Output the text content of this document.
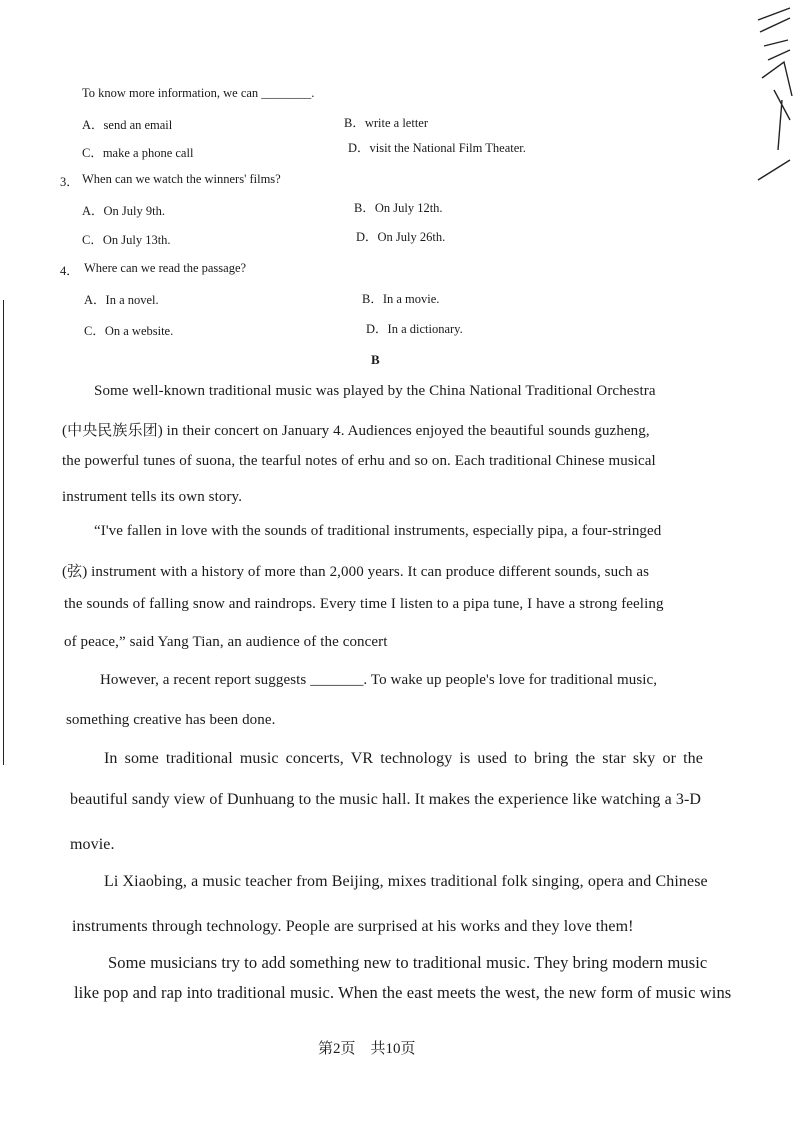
To know more information, we can ________.
A．send an email	B．write a letter
C．make a phone call	D．visit the National Film Theater.
3． When can we watch the winners' films?
A．On July 9th.	B．On July 12th.
C．On July 13th.	D．On July 26th.
4． Where can we read the passage?
A．In a novel.	B．In a movie.
C．On a website.	D．In a dictionary.
B
Some well-known traditional music was played by the China National Traditional Orchestra
(中央民族乐团) in their concert on January 4. Audiences enjoyed the beautiful sounds guzheng,
the powerful tunes of suona, the tearful notes of erhu and so on. Each traditional Chinese musical
instrument tells its own story.
“I've fallen in love with the sounds of traditional instruments, especially pipa, a four-stringed
(弦) instrument with a history of more than 2,000 years. It can produce different sounds, such as
the sounds of falling snow and raindrops. Every time I listen to a pipa tune, I have a strong feeling
of peace,” said Yang Tian, an audience of the concert
However, a recent report suggests _______. To wake up people's love for traditional music,
something creative has been done.
In some traditional music concerts, VR technology is used to bring the star sky or the
beautiful sandy view of Dunhuang to the music hall. It makes the experience like watching a 3-D
movie.
Li Xiaobing, a music teacher from Beijing, mixes traditional folk singing, opera and Chinese
instruments through technology. People are surprised at his works and they love them!
Some musicians try to add something new to traditional music. They bring modern music
like pop and rap into traditional music. When the east meets the west, the new form of music wins
第2页　共10页
